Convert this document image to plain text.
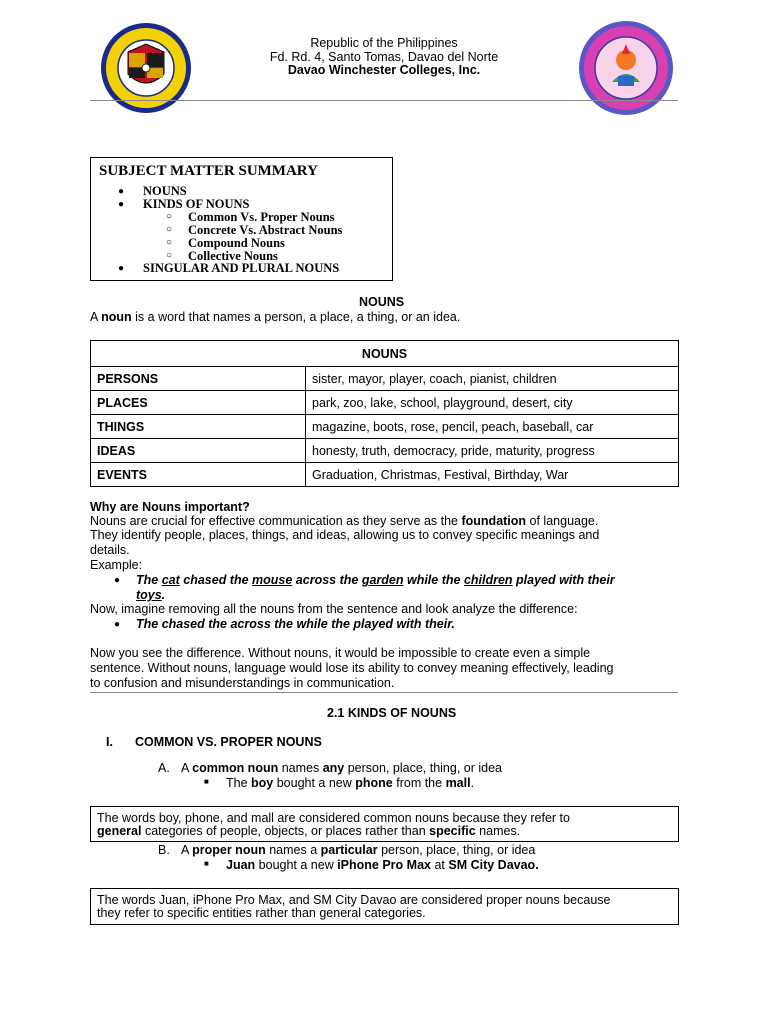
Republic of the Philippines
Fd. Rd. 4, Santo Tomas, Davao del Norte
Davao Winchester Colleges, Inc.
SUBJECT MATTER SUMMARY
● NOUNS
● KINDS OF NOUNS
○ Common Vs. Proper Nouns
○ Concrete Vs. Abstract Nouns
○ Compound Nouns
○ Collective Nouns
● SINGULAR AND PLURAL NOUNS
NOUNS
A noun is a word that names a person, a place, a thing, or an idea.
NOUNS	
PERSONS	sister, mayor, player, coach, pianist, children
PLACES	park, zoo, lake, school, playground, desert, city
THINGS	magazine, boots, rose, pencil, peach, baseball, car
IDEAS	honesty, truth, democracy, pride, maturity, progress
EVENTS	Graduation, Christmas, Festival, Birthday, War
Why are Nouns important?
Nouns are crucial for effective communication as they serve as the foundation of language.
They identify people, places, things, and ideas, allowing us to convey specific meanings and
details.
Example:
● The cat chased the mouse across the garden while the children played with their
toys.
Now, imagine removing all the nouns from the sentence and look analyze the difference:
● The chased the across the while the played with their.
Now you see the difference. Without nouns, it would be impossible to create even a simple
sentence. Without nouns, language would lose its ability to convey meaning effectively, leading
to confusion and misunderstandings in communication.
2.1 KINDS OF NOUNS
I. COMMON VS. PROPER NOUNS
A. A common noun names any person, place, thing, or idea
■ The boy bought a new phone from the mall.
The words boy, phone, and mall are considered common nouns because they refer to
general categories of people, objects, or places rather than specific names.
B. A proper noun names a particular person, place, thing, or idea
■ Juan bought a new iPhone Pro Max at SM City Davao.
The words Juan, iPhone Pro Max, and SM City Davao are considered proper nouns because
they refer to specific entities rather than general categories.
